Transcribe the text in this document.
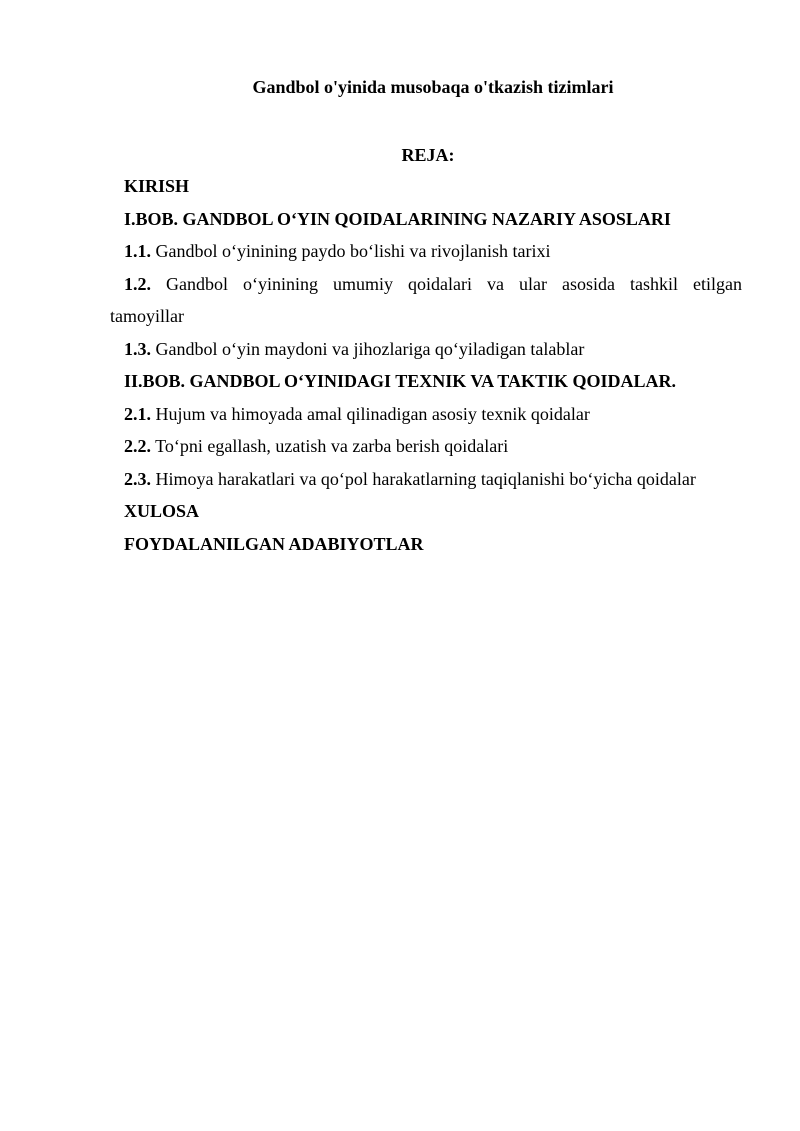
Gandbol o'yinida musobaqa o'tkazish tizimlari
REJA:
KIRISH
I.BOB. GANDBOL O‘YIN QOIDALARINING NAZARIY ASOSLARI
1.1. Gandbol o‘yinining paydo bo‘lishi va rivojlanish tarixi
1.2. Gandbol o‘yinining umumiy qoidalari va ular asosida tashkil etilgan
tamoyillar
1.3. Gandbol o‘yin maydoni va jihozlariga qo‘yiladigan talablar
II.BOB. GANDBOL O‘YINIDAGI TEXNIK VA TAKTIK QOIDALAR.
2.1. Hujum va himoyada amal qilinadigan asosiy texnik qoidalar
2.2. To‘pni egallash, uzatish va zarba berish qoidalari
2.3. Himoya harakatlari va qo‘pol harakatlarning taqiqlanishi bo‘yicha qoidalar
XULOSA
FOYDALANILGAN ADABIYOTLAR
